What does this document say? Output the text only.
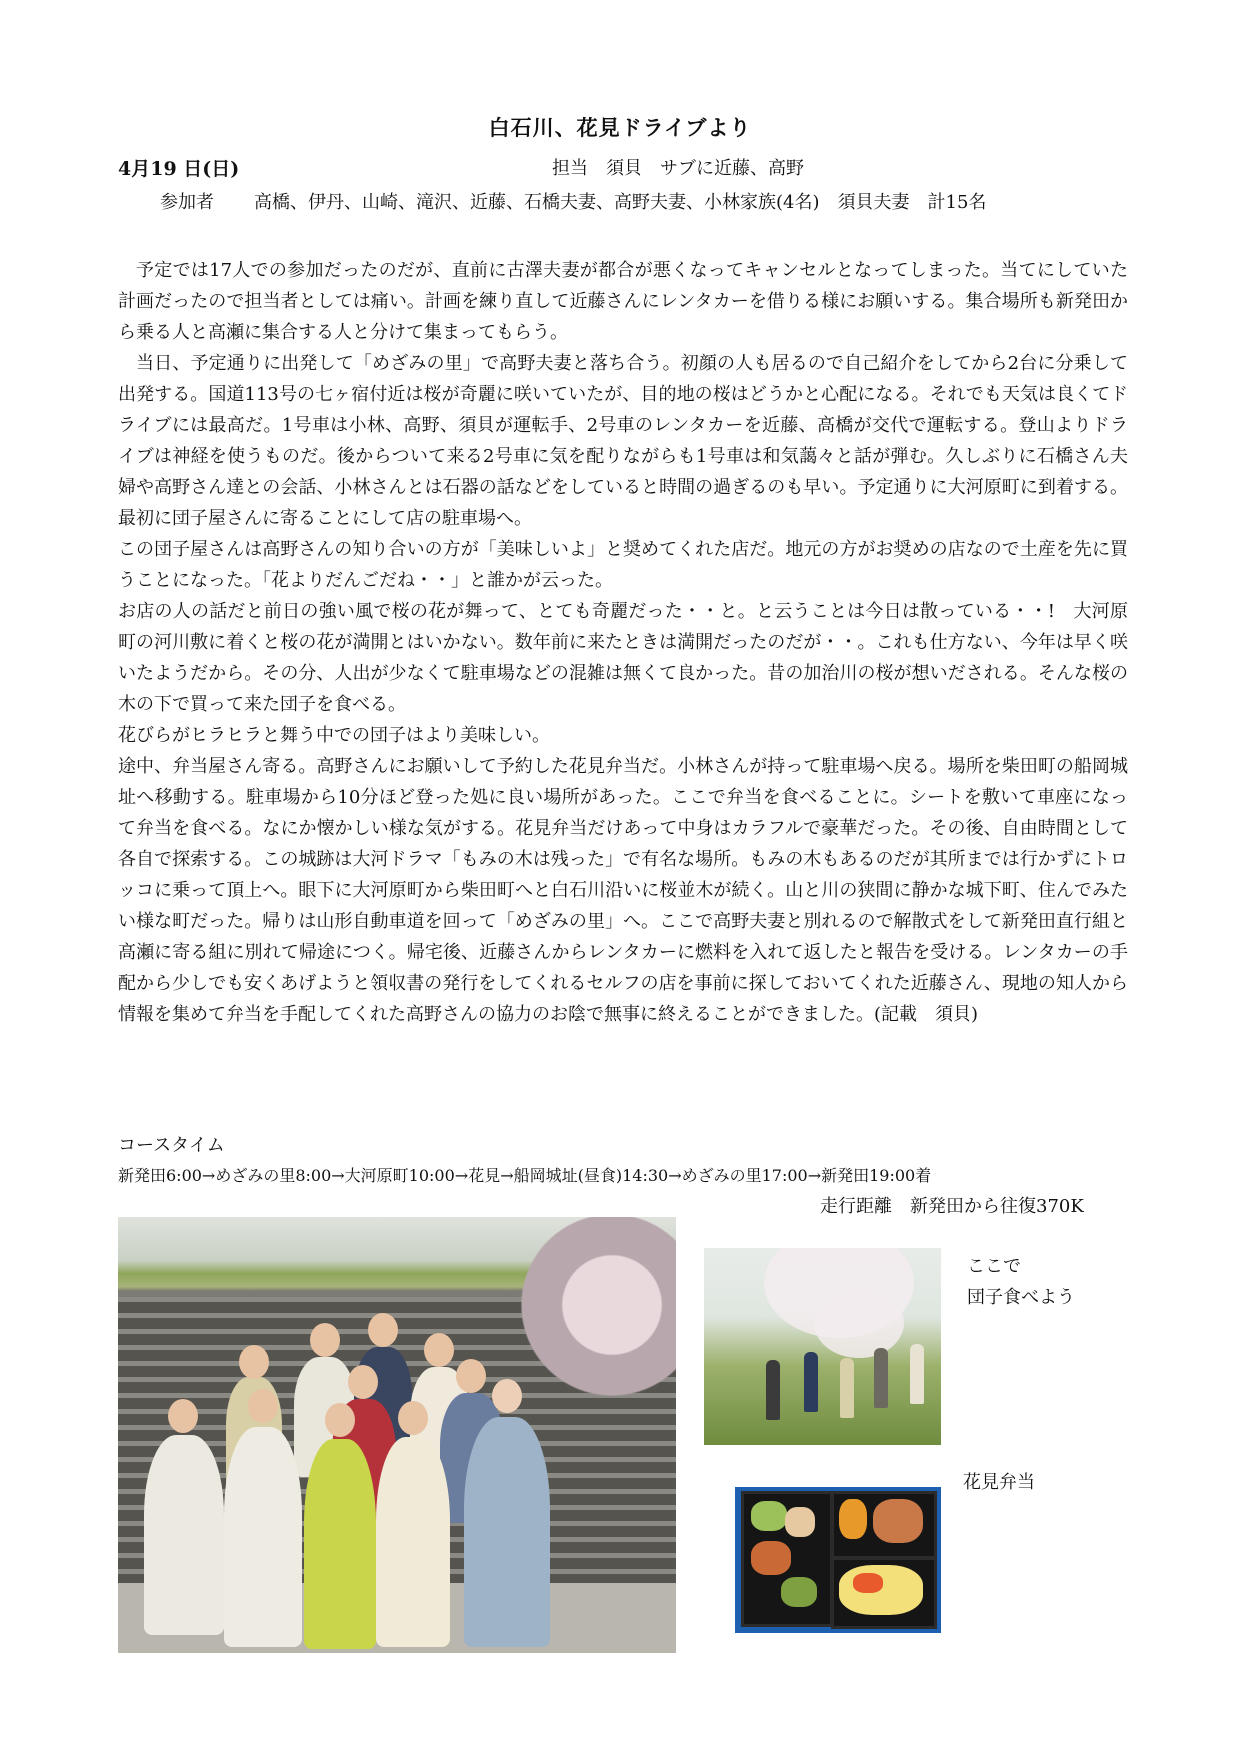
白石川、花見ドライブより
4月19 日(日)	担当　須貝　サブに近藤、高野
参加者 高橋、伊丹、山崎、滝沢、近藤、石橋夫妻、高野夫妻、小林家族(4名)　須貝夫妻　計15名

予定では17人での参加だったのだが、直前に古澤夫妻が都合が悪くなってキャンセルとなってしまった。当てにしていた計画だったので担当者としては痛い。計画を練り直して近藤さんにレンタカーを借りる様にお願いする。集合場所も新発田から乗る人と高瀬に集合する人と分けて集まってもらう。

当日、予定通りに出発して「めざみの里」で高野夫妻と落ち合う。初顔の人も居るので自己紹介をしてから2台に分乗して出発する。国道113号の七ヶ宿付近は桜が奇麗に咲いていたが、目的地の桜はどうかと心配になる。それでも天気は良くてドライブには最高だ。1号車は小林、高野、須貝が運転手、2号車のレンタカーを近藤、高橋が交代で運転する。登山よりドライブは神経を使うものだ。後からついて来る2号車に気を配りながらも1号車は和気藹々と話が弾む。久しぶりに石橋さん夫婦や高野さん達との会話、小林さんとは石器の話などをしていると時間の過ぎるのも早い。予定通りに大河原町に到着する。最初に団子屋さんに寄ることにして店の駐車場へ。

この団子屋さんは高野さんの知り合いの方が「美味しいよ」と奨めてくれた店だ。地元の方がお奨めの店なので土産を先に買うことになった。「花よりだんごだね・・」と誰かが云った。

お店の人の話だと前日の強い風で桜の花が舞って、とても奇麗だった・・と。と云うことは今日は散っている・・!　大河原町の河川敷に着くと桜の花が満開とはいかない。数年前に来たときは満開だったのだが・・。これも仕方ない、今年は早く咲いたようだから。その分、人出が少なくて駐車場などの混雑は無くて良かった。昔の加治川の桜が想いだされる。そんな桜の木の下で買って来た団子を食べる。

花びらがヒラヒラと舞う中での団子はより美味しい。

途中、弁当屋さん寄る。高野さんにお願いして予約した花見弁当だ。小林さんが持って駐車場へ戻る。場所を柴田町の船岡城址へ移動する。駐車場から10分ほど登った処に良い場所があった。ここで弁当を食べることに。シートを敷いて車座になって弁当を食べる。なにか懐かしい様な気がする。花見弁当だけあって中身はカラフルで豪華だった。その後、自由時間として各自で探索する。この城跡は大河ドラマ「もみの木は残った」で有名な場所。もみの木もあるのだが其所までは行かずにトロッコに乗って頂上へ。眼下に大河原町から柴田町へと白石川沿いに桜並木が続く。山と川の狭間に静かな城下町、住んでみたい様な町だった。帰りは山形自動車道を回って「めざみの里」へ。ここで高野夫妻と別れるので解散式をして新発田直行組と高瀬に寄る組に別れて帰途につく。帰宅後、近藤さんからレンタカーに燃料を入れて返したと報告を受ける。レンタカーの手配から少しでも安くあげようと領収書の発行をしてくれるセルフの店を事前に探しておいてくれた近藤さん、現地の知人から情報を集めて弁当を手配してくれた高野さんの協力のお陰で無事に終えることができました。(記載　須貝)

コースタイム
新発田6:00→めざみの里8:00→大河原町10:00→花見→船岡城址(昼食)14:30→めざみの里17:00→新発田19:00着
走行距離　新発田から往復370K
ここで
団子食べよう
花見弁当
